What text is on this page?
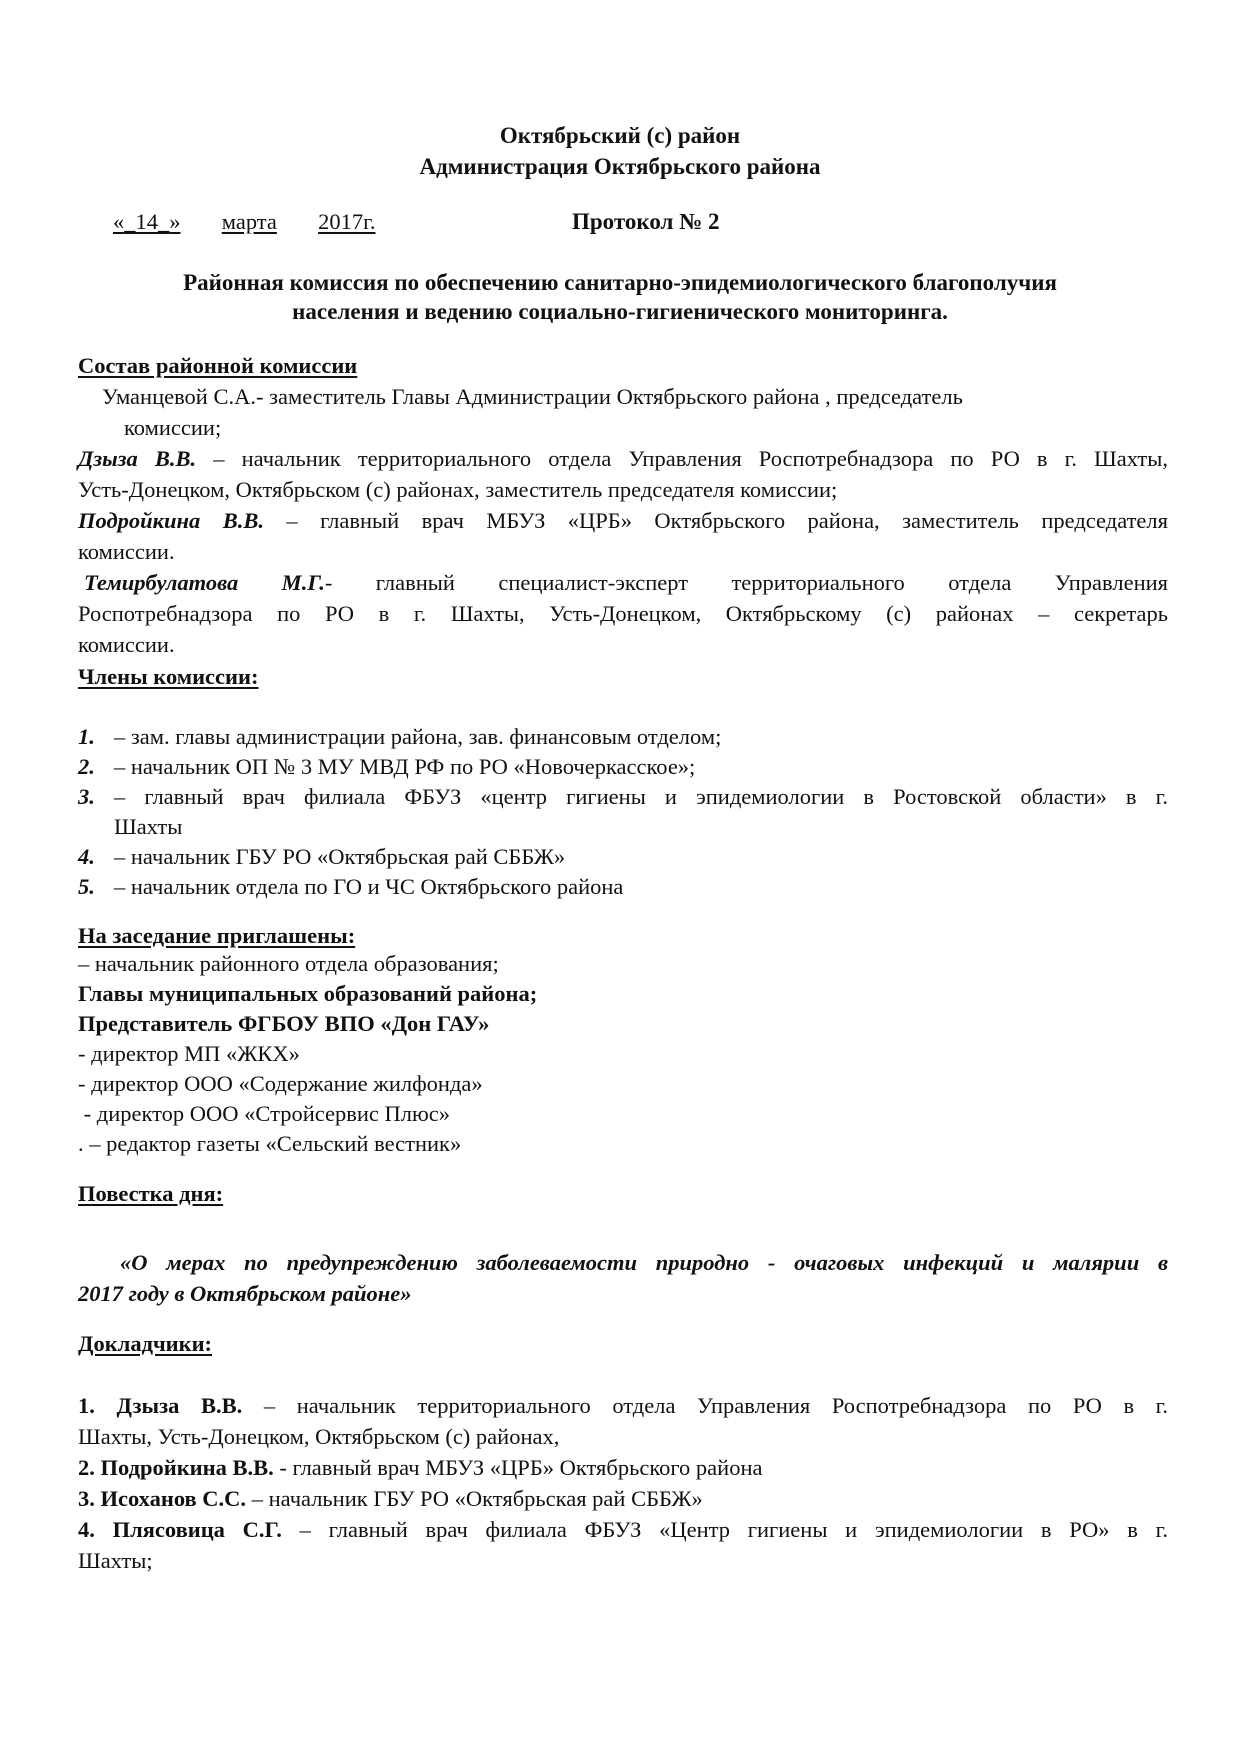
Октябрьский (с) район
Администрация Октябрьского района
«_14_» марта 2017г.	Протокол № 2
Районная комиссия по обеспечению санитарно-эпидемиологического благополучия
населения и ведению социально-гигиенического мониторинга.
Состав районной комиссии
Уманцевой С.А.- заместитель Главы Администрации Октябрьского района , председатель
комиссии;
Дзыза В.В. – начальник территориального отдела Управления Роспотребнадзора по РО в г. Шахты,
Усть-Донецком, Октябрьском (с) районах, заместитель председателя комиссии;
Подройкина В.В. – главный врач МБУЗ «ЦРБ» Октябрьского района, заместитель председателя
комиссии.
Темирбулатова М.Г.- главный специалист-эксперт территориального отдела Управления
Роспотребнадзора по РО в г. Шахты, Усть-Донецком, Октябрьскому (с) районах – секретарь
комиссии.
Члены комиссии:
1. – зам. главы администрации района, зав. финансовым отделом;
2. – начальник ОП № 3 МУ МВД РФ по РО «Новочеркасское»;
3. – главный врач филиала ФБУЗ «центр гигиены и эпидемиологии в Ростовской области» в г.
Шахты
4. – начальник ГБУ РО «Октябрьская рай СББЖ»
5. – начальник отдела по ГО и ЧС Октябрьского района
На заседание приглашены:
– начальник районного отдела образования;
Главы муниципальных образований района;
Представитель ФГБОУ ВПО «Дон ГАУ»
- директор МП «ЖКХ»
- директор ООО «Содержание жилфонда»
- директор ООО «Стройсервис Плюс»
. – редактор газеты «Сельский вестник»
Повестка дня:
«О мерах по предупреждению заболеваемости природно - очаговых инфекций и малярии в
2017 году в Октябрьском районе»
Докладчики:
1. Дзыза В.В. – начальник территориального отдела Управления Роспотребнадзора по РО в г.
Шахты, Усть-Донецком, Октябрьском (с) районах,
2. Подройкина В.В. - главный врач МБУЗ «ЦРБ» Октябрьского района
3. Исоханов С.С. – начальник ГБУ РО «Октябрьская рай СББЖ»
4. Плясовица С.Г. – главный врач филиала ФБУЗ «Центр гигиены и эпидемиологии в РО» в г.
Шахты;
